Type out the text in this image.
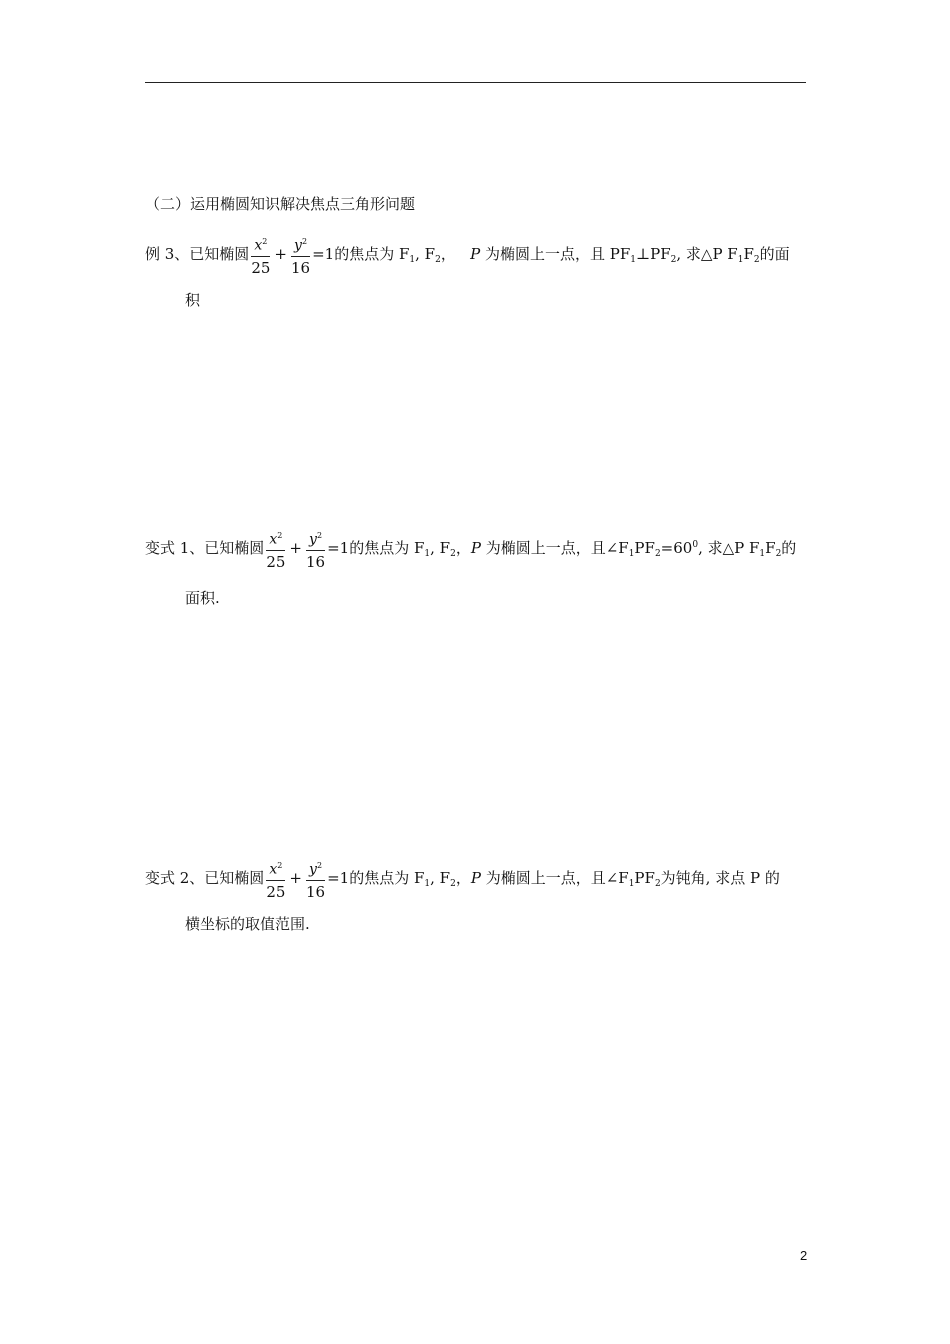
（二）运用椭圆知识解决焦点三角形问题
例 3、已知椭圆 $\frac{x^2}{25} + \frac{y^2}{16} =1$的焦点为 $F_1$, $F_2$， P 为椭圆上一点，且 $PF_1\perp PF_2$, 求△P $F_1F_2$的面
积
变式 1、已知椭圆 $\frac{x^2}{25} + \frac{y^2}{16} =1$的焦点为 $F_1$, $F_2$，P 为椭圆上一点，且$\angle F_1PF_2=60^0$, 求△P $F_1F_2$的
面积.
变式 2、已知椭圆 $\frac{x^2}{25} + \frac{y^2}{16} =1$的焦点为 $F_1$, $F_2$，P 为椭圆上一点，且$\angle F_1PF_2$为钝角, 求点 P 的
横坐标的取值范围.
2
